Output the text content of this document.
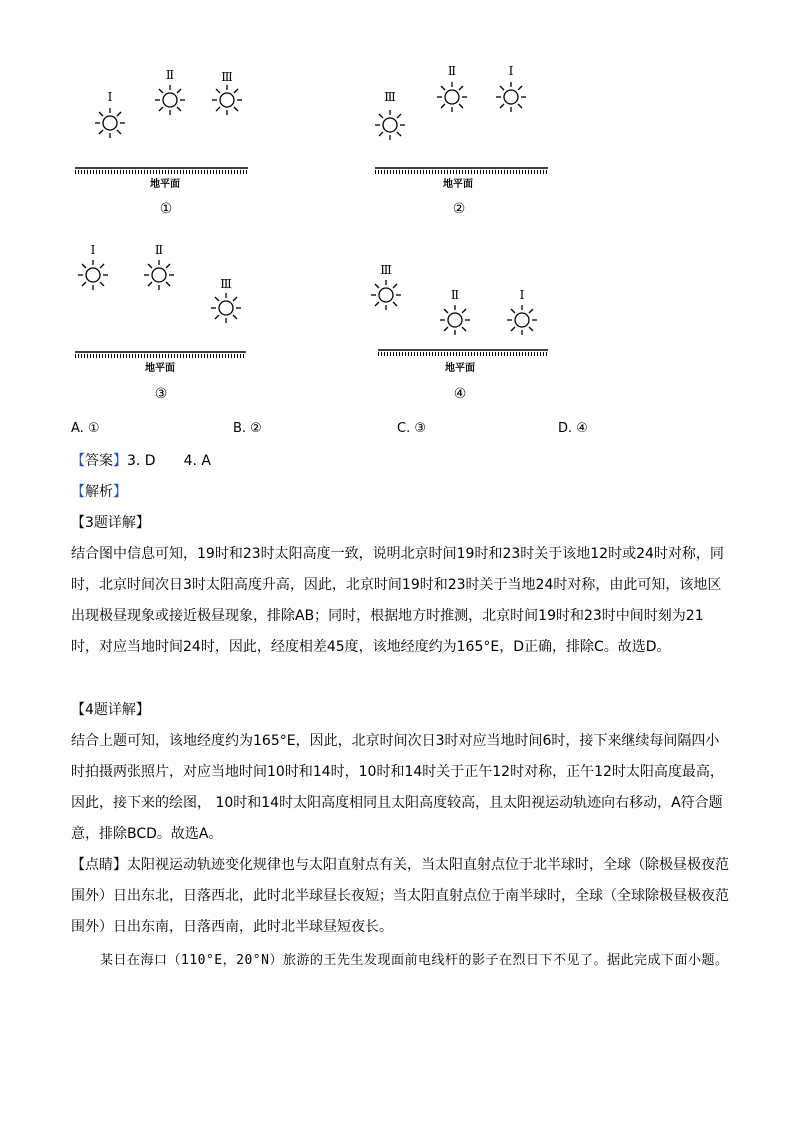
Ⅰ
Ⅱ	Ⅲ
地平面
①
Ⅲ
Ⅱ	Ⅰ
地平面
②
Ⅰ	Ⅱ
Ⅲ
地平面
③
Ⅲ
Ⅱ	Ⅰ
地平面
④
A. ①	B. ②	C. ③	D. ④
【答案】3. D　　4. A
【解析】
【3题详解】
结合图中信息可知，19时和23时太阳高度一致，说明北京时间19时和23时关于该地12时或24时对称，同时，北京时间次日3时太阳高度升高，因此，北京时间19时和23时关于当地24时对称，由此可知，该地区出现极昼现象或接近极昼现象，排除AB；同时，根据地方时推测，北京时间19时和23时中间时刻为21时，对应当地时间24时，因此，经度相差45度，该地经度约为165°E，D正确，排除C。故选D。
【4题详解】
结合上题可知，该地经度约为165°E，因此，北京时间次日3时对应当地时间6时，接下来继续每间隔四小时拍摄两张照片，对应当地时间10时和14时，10时和14时关于正午12时对称，正午12时太阳高度最高，因此，接下来的绘图， 10时和14时太阳高度相同且太阳高度较高，且太阳视运动轨迹向右移动，A符合题意，排除BCD。故选A。
【点睛】太阳视运动轨迹变化规律也与太阳直射点有关，当太阳直射点位于北半球时，全球（除极昼极夜范围外）日出东北，日落西北，此时北半球昼长夜短；当太阳直射点位于南半球时，全球（全球除极昼极夜范围外）日出东南，日落西南，此时北半球昼短夜长。
某日在海口（110°E，20°N）旅游的王先生发现面前电线杆的影子在烈日下不见了。据此完成下面小题。
